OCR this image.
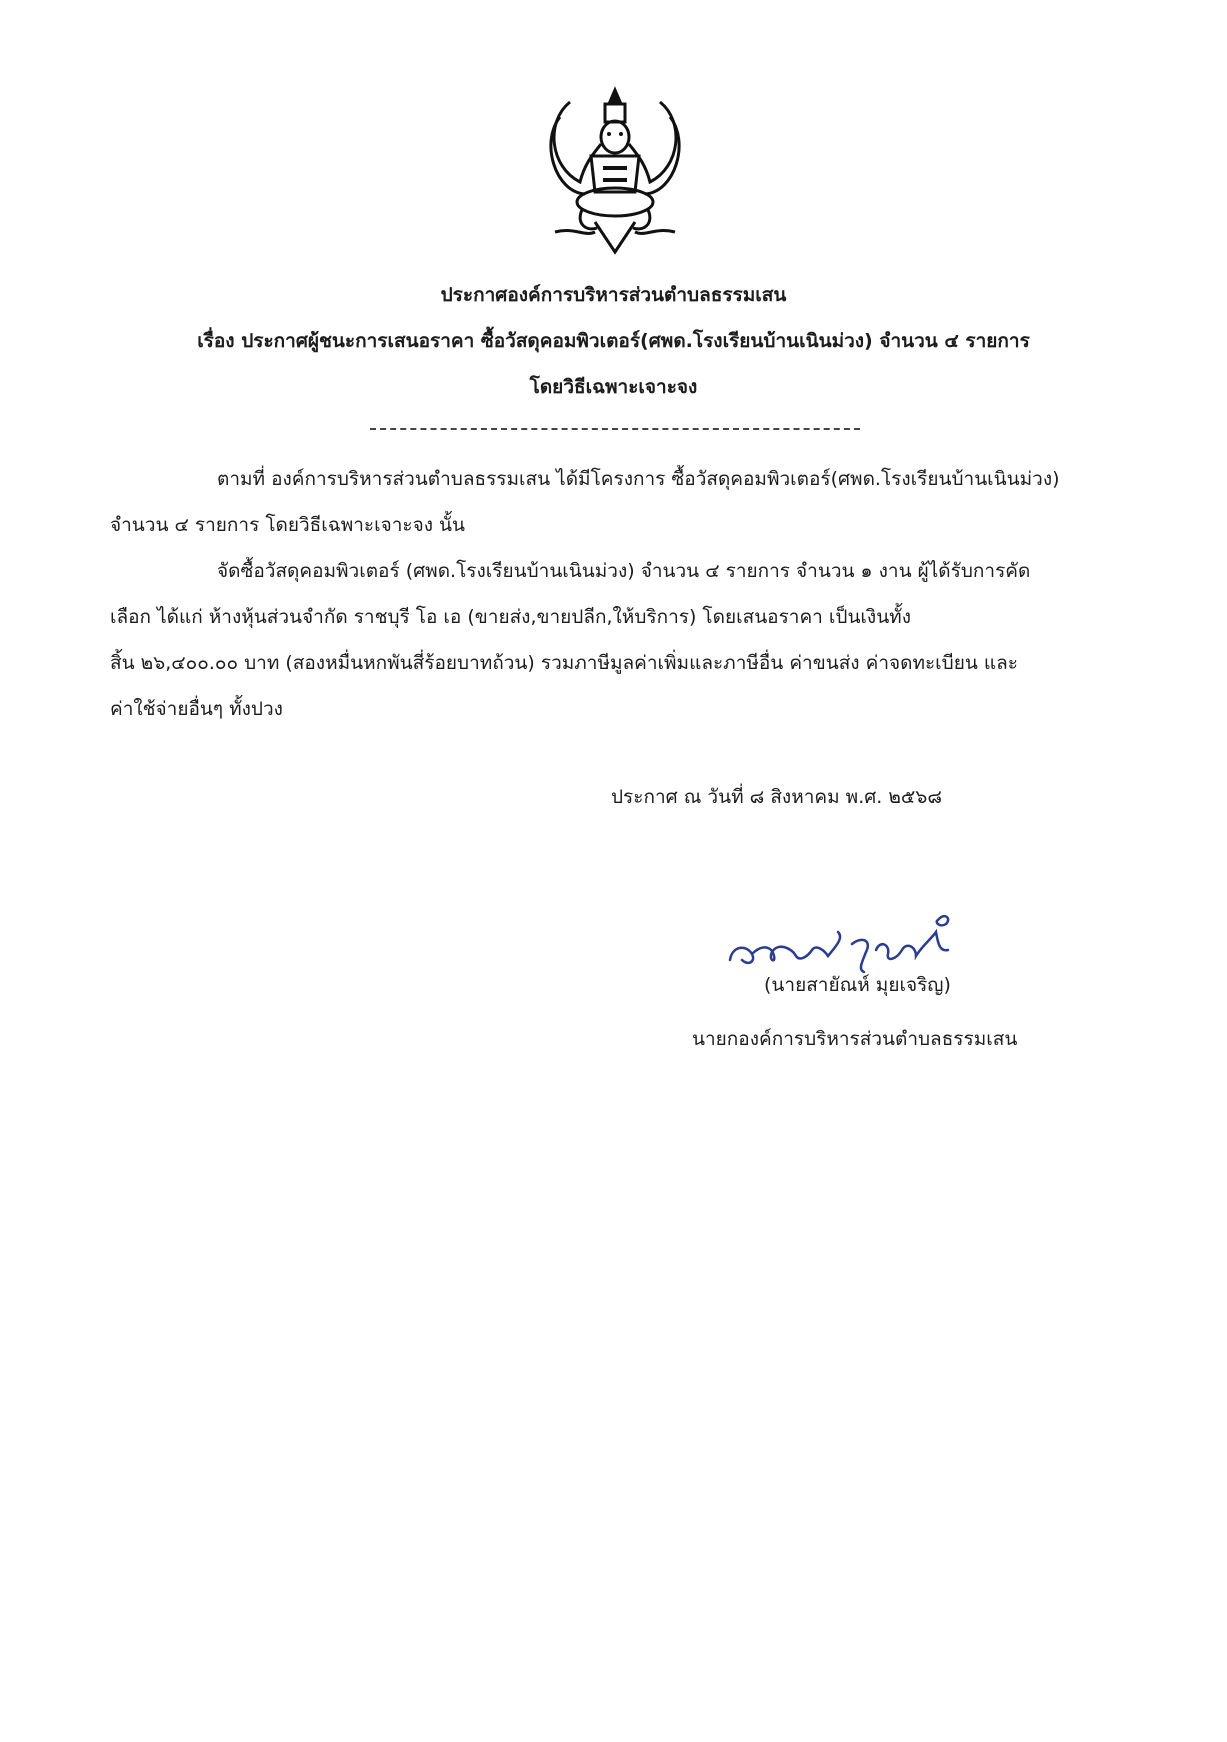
ประกาศองค์การบริหารส่วนตำบลธรรมเสน

เรื่อง ประกาศผู้ชนะการเสนอราคา ซื้อวัสดุคอมพิวเตอร์(ศพด.โรงเรียนบ้านเนินม่วง) จำนวน ๔ รายการ

โดยวิธีเฉพาะเจาะจง

ตามที่ องค์การบริหารส่วนตำบลธรรมเสน ได้มีโครงการ ซื้อวัสดุคอมพิวเตอร์(ศพด.โรงเรียนบ้านเนินม่วง)

จำนวน ๔ รายการ โดยวิธีเฉพาะเจาะจง นั้น

จัดซื้อวัสดุคอมพิวเตอร์ (ศพด.โรงเรียนบ้านเนินม่วง) จำนวน ๔ รายการ จำนวน ๑ งาน ผู้ได้รับการคัด

เลือก ได้แก่ ห้างหุ้นส่วนจำกัด ราชบุรี โอ เอ (ขายส่ง,ขายปลีก,ให้บริการ) โดยเสนอราคา เป็นเงินทั้ง

สิ้น ๒๖,๔๐๐.๐๐ บาท (สองหมื่นหกพันสี่ร้อยบาทถ้วน) รวมภาษีมูลค่าเพิ่มและภาษีอื่น ค่าขนส่ง ค่าจดทะเบียน และ

ค่าใช้จ่ายอื่นๆ ทั้งปวง

ประกาศ ณ วันที่ ๘ สิงหาคม พ.ศ. ๒๕๖๘

(นายสายัณห์ มุยเจริญ)

นายกองค์การบริหารส่วนตำบลธรรมเสน
